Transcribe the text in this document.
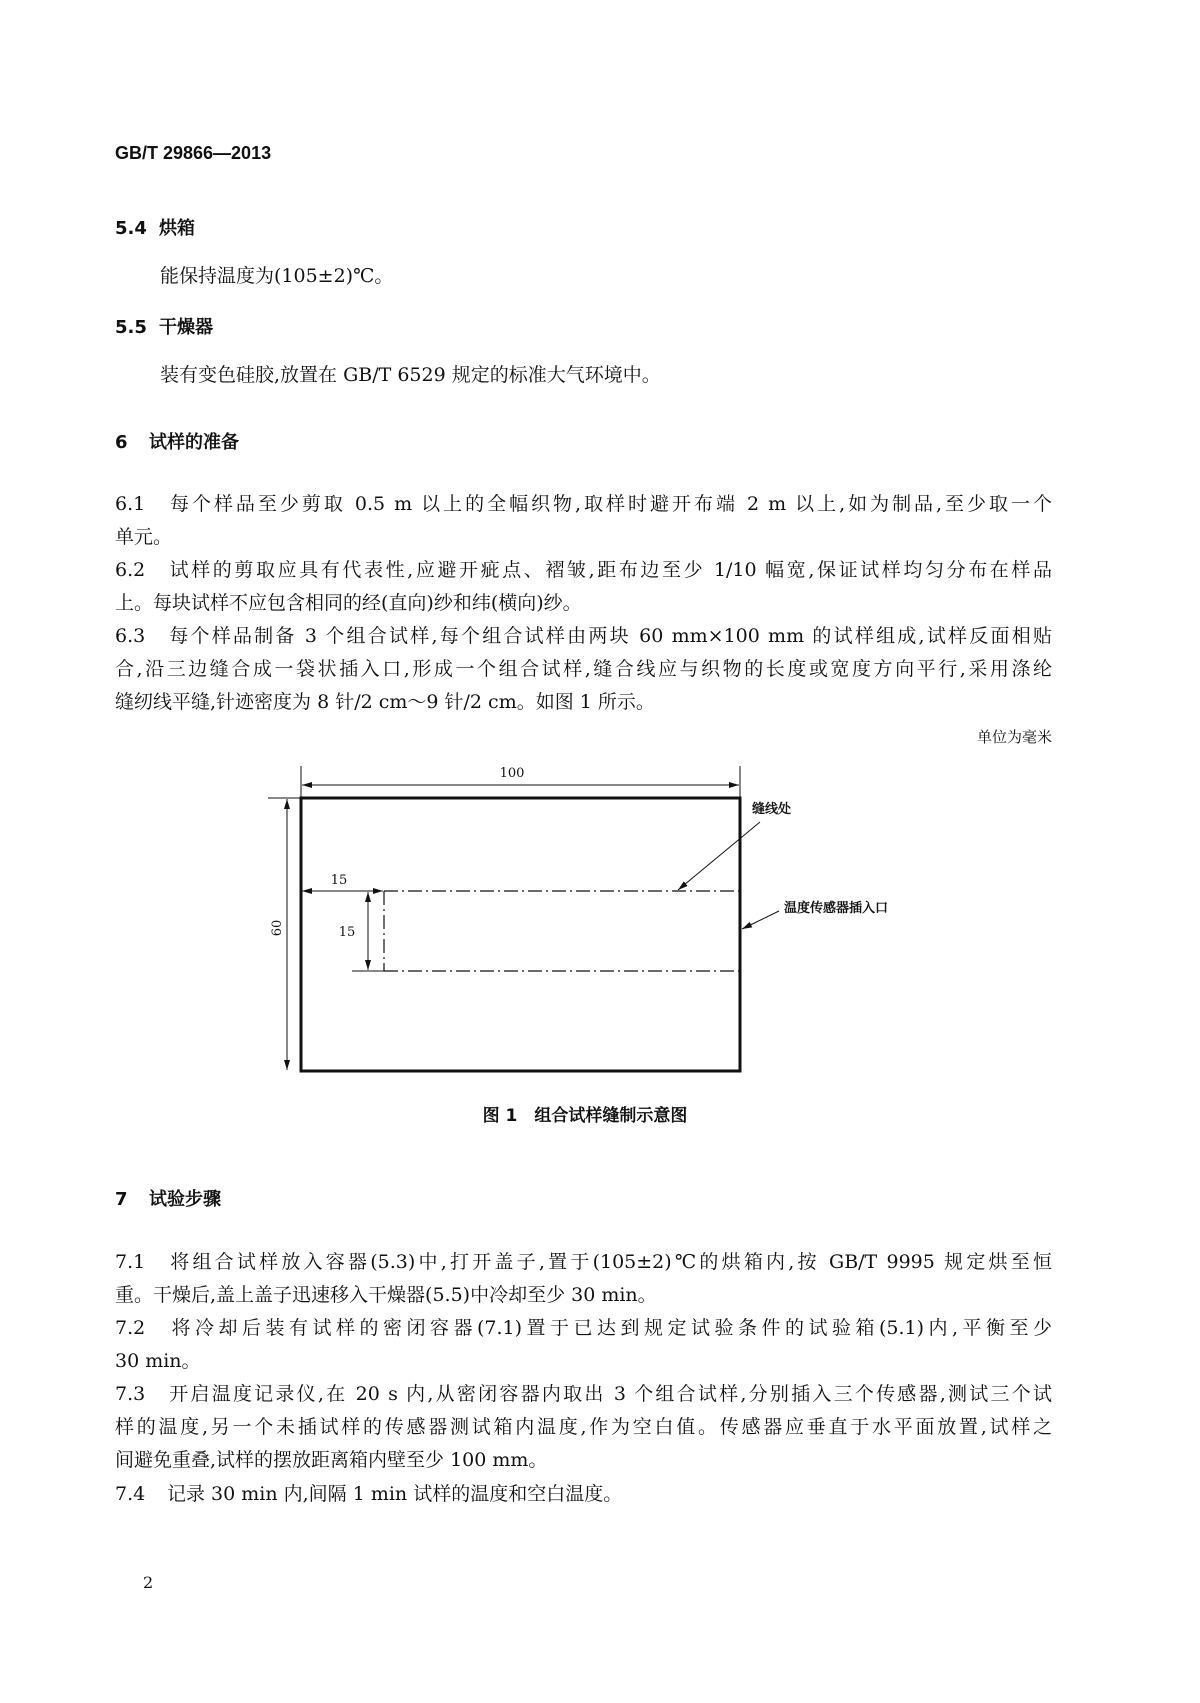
GB/T 29866—2013
5.4 烘箱
能保持温度为(105±2)℃。
5.5 干燥器
装有变色硅胶,放置在 GB/T 6529 规定的标准大气环境中。
6 试样的准备
6.1 每个样品至少剪取 0.5 m 以上的全幅织物,取样时避开布端 2 m 以上,如为制品,至少取一个
单元。
6.2 试样的剪取应具有代表性,应避开疵点、褶皱,距布边至少 1/10 幅宽,保证试样均匀分布在样品
上。每块试样不应包含相同的经(直向)纱和纬(横向)纱。
6.3 每个样品制备 3 个组合试样,每个组合试样由两块 60 mm×100 mm 的试样组成,试样反面相贴
合,沿三边缝合成一袋状插入口,形成一个组合试样,缝合线应与织物的长度或宽度方向平行,采用涤纶
缝纫线平缝,针迹密度为 8 针/2 cm～9 针/2 cm。如图 1 所示。
单位为毫米
100
60
15
15
缝线处
温度传感器插入口
图 1　组合试样缝制示意图
7 试验步骤
7.1 将组合试样放入容器(5.3)中,打开盖子,置于(105±2)℃的烘箱内,按 GB/T 9995 规定烘至恒
重。干燥后,盖上盖子迅速移入干燥器(5.5)中冷却至少 30 min。
7.2 将冷却后装有试样的密闭容器(7.1)置于已达到规定试验条件的试验箱(5.1)内,平衡至少
30 min。
7.3 开启温度记录仪,在 20 s 内,从密闭容器内取出 3 个组合试样,分别插入三个传感器,测试三个试
样的温度,另一个未插试样的传感器测试箱内温度,作为空白值。传感器应垂直于水平面放置,试样之
间避免重叠,试样的摆放距离箱内壁至少 100 mm。
7.4 记录 30 min 内,间隔 1 min 试样的温度和空白温度。
2
